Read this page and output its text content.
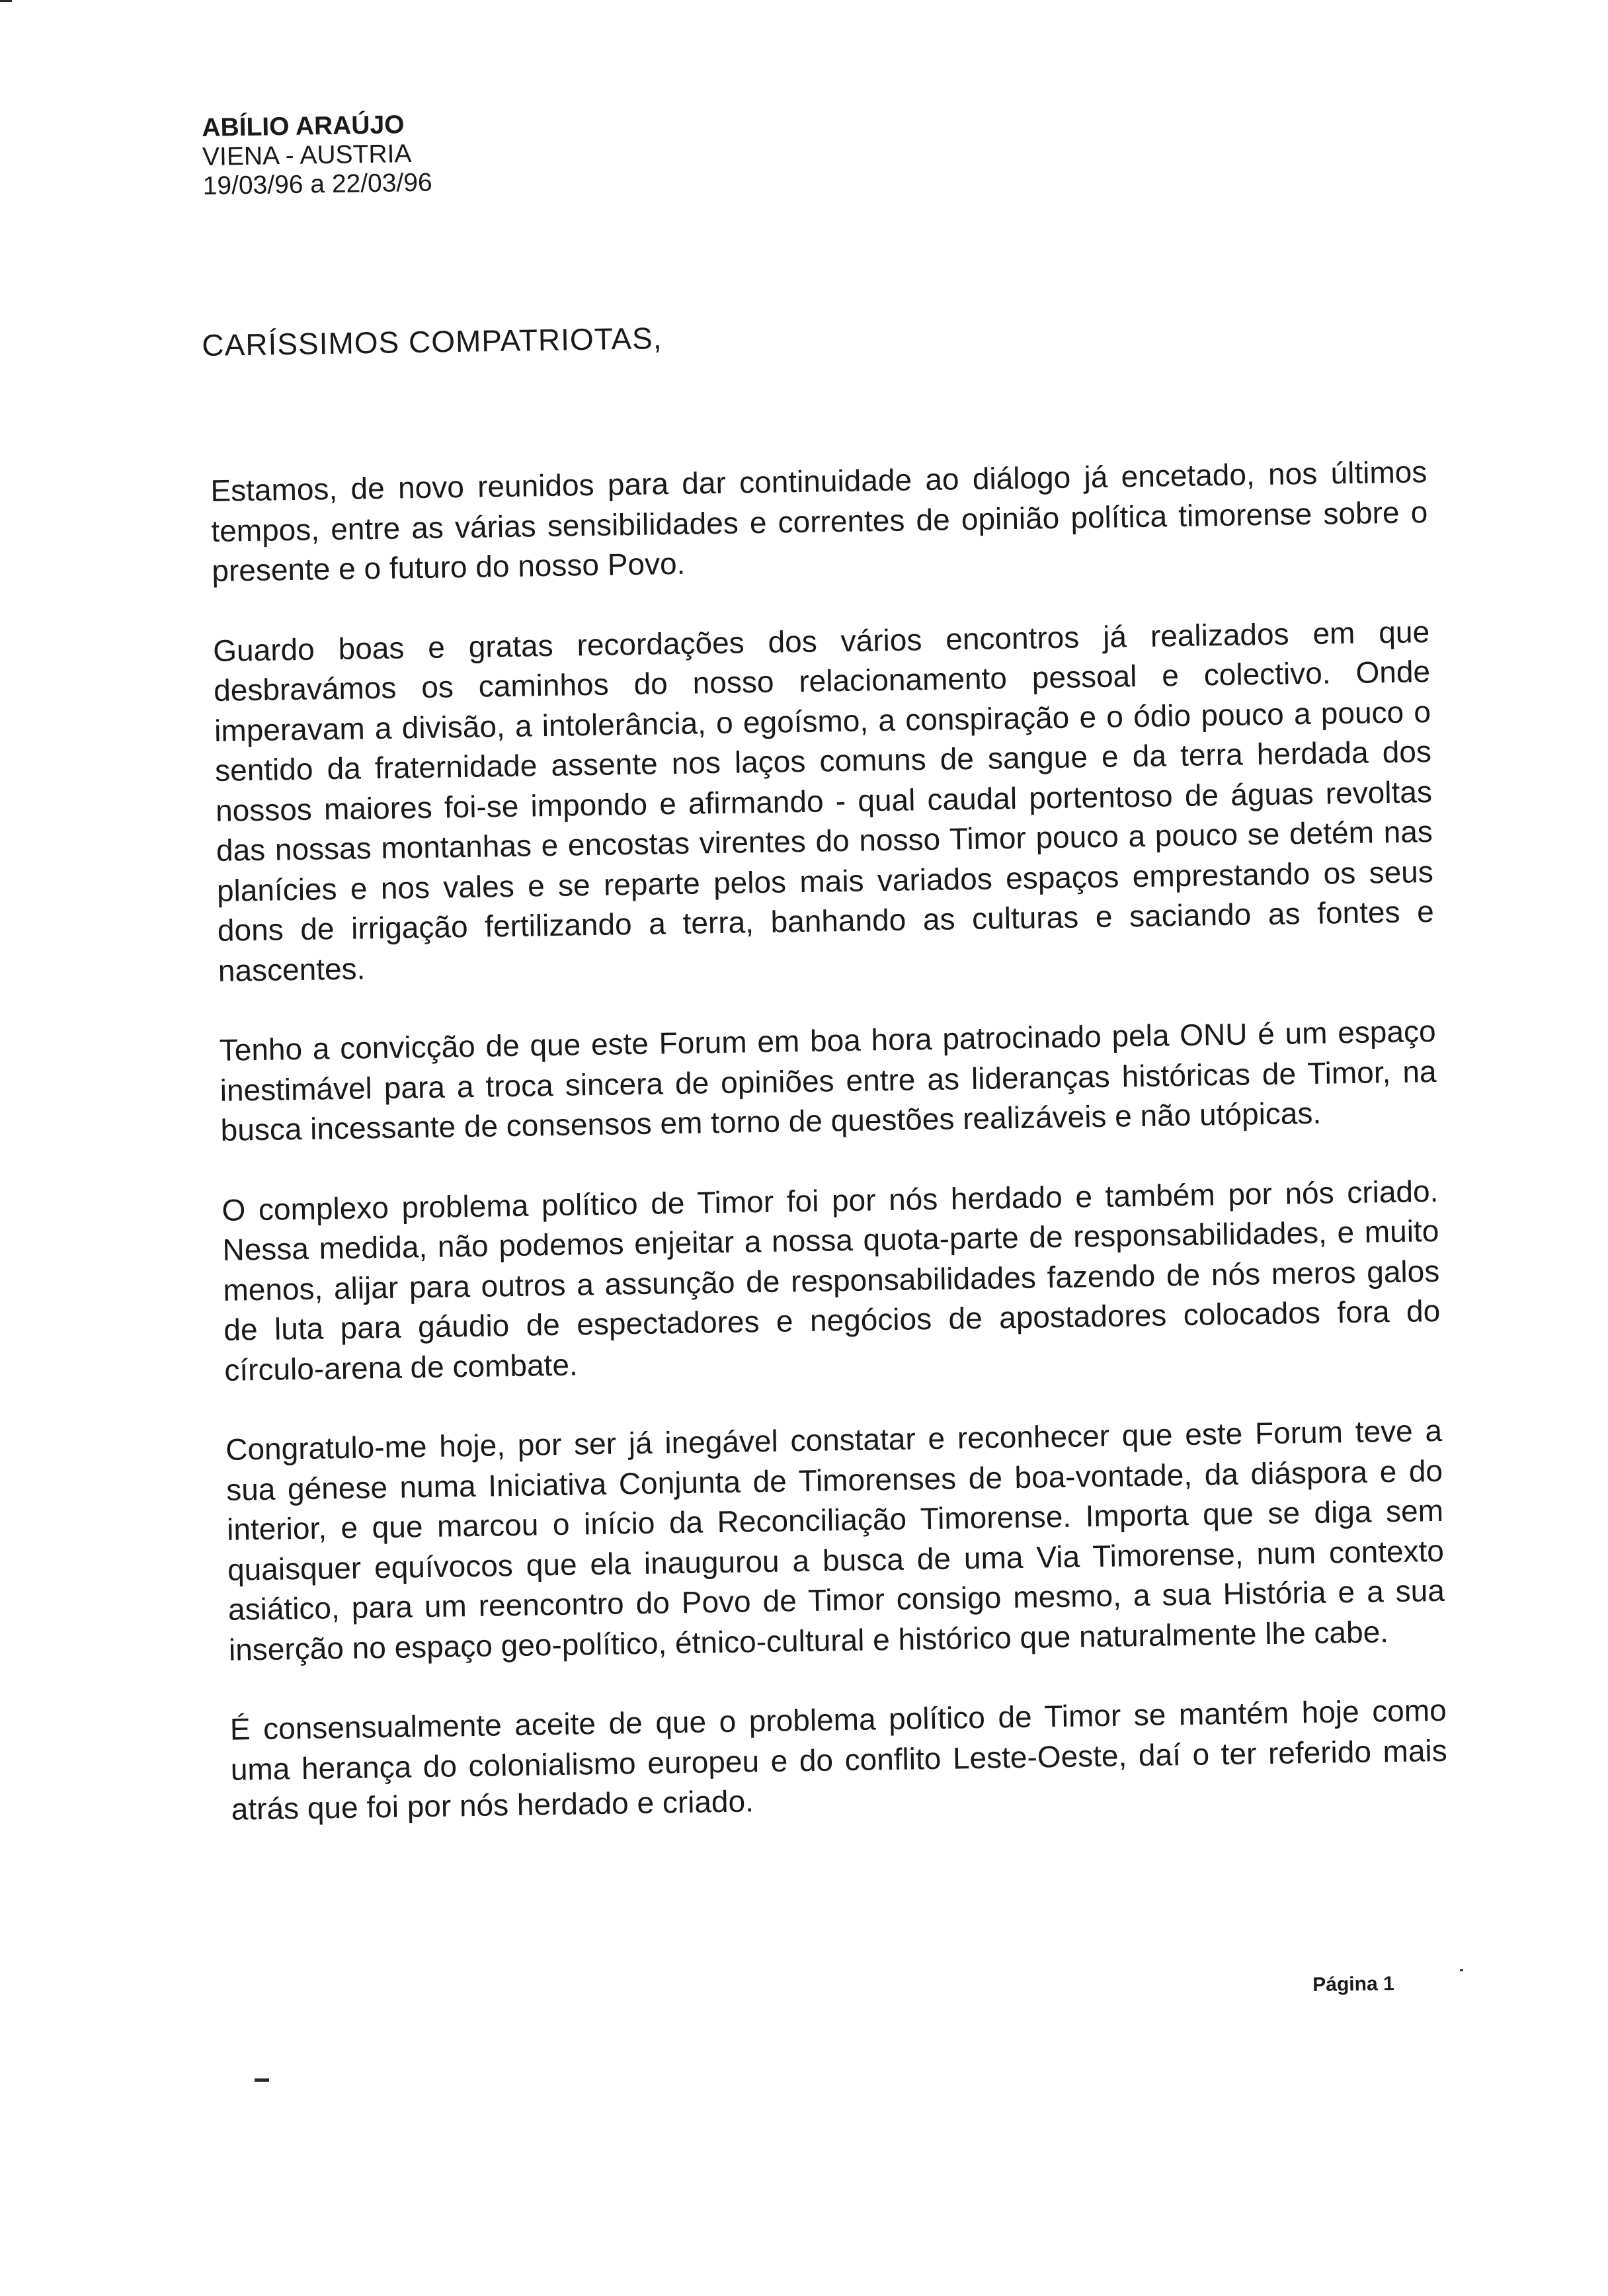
ABÍLIO ARAÚJO
VIENA - AUSTRIA
19/03/96 a 22/03/96
CARÍSSIMOS COMPATRIOTAS,

Estamos, de novo reunidos para dar continuidade ao diálogo já encetado, nos últimos tempos, entre as várias sensibilidades e correntes de opinião política timorense sobre o presente e o futuro do nosso Povo.

Guardo boas e gratas recordações dos vários encontros já realizados em que desbravámos os caminhos do nosso relacionamento pessoal e colectivo. Onde imperavam a divisão, a intolerância, o egoísmo, a conspiração e o ódio pouco a pouco o sentido da fraternidade assente nos laços comuns de sangue e da terra herdada dos nossos maiores foi-se impondo e afirmando - qual caudal portentoso de águas revoltas das nossas montanhas e encostas virentes do nosso Timor pouco a pouco se detém nas planícies e nos vales e se reparte pelos mais variados espaços emprestando os seus dons de irrigação fertilizando a terra, banhando as culturas e saciando as fontes e nascentes.

Tenho a convicção de que este Forum em boa hora patrocinado pela ONU é um espaço inestimável para a troca sincera de opiniões entre as lideranças históricas de Timor, na busca incessante de consensos em torno de questões realizáveis e não utópicas.

O complexo problema político de Timor foi por nós herdado e também por nós criado. Nessa medida, não podemos enjeitar a nossa quota-parte de responsabilidades, e muito menos, alijar para outros a assunção de responsabilidades fazendo de nós meros galos de luta para gáudio de espectadores e negócios de apostadores colocados fora do círculo-arena de combate.

Congratulo-me hoje, por ser já inegável constatar e reconhecer que este Forum teve a sua génese numa Iniciativa Conjunta de Timorenses de boa-vontade, da diáspora e do interior, e que marcou o início da Reconciliação Timorense. Importa que se diga sem quaisquer equívocos que ela inaugurou a busca de uma Via Timorense, num contexto asiático, para um reencontro do Povo de Timor consigo mesmo, a sua História e a sua inserção no espaço geo-político, étnico-cultural e histórico que naturalmente lhe cabe.

É consensualmente aceite de que o problema político de Timor se mantém hoje como uma herança do colonialismo europeu e do conflito Leste-Oeste, daí o ter referido mais atrás que foi por nós herdado e criado.

Página 1
